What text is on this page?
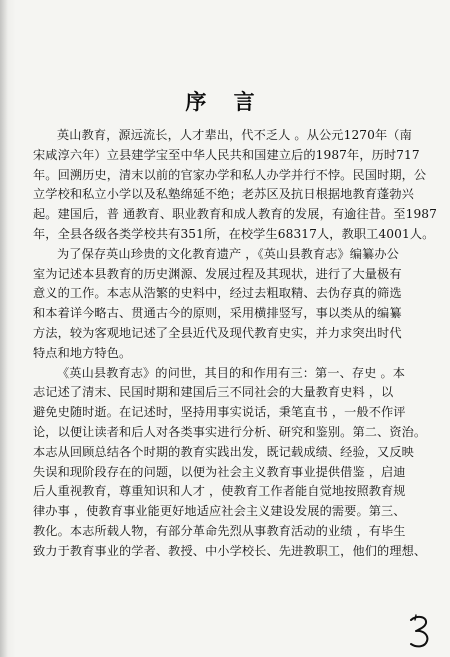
序 言

英山教育，源远流长，人才辈出，代不乏人 。从公元1270年（南
宋咸淳六年）立县建学宝至中华人民共和国建立后的1987年，历时717
年。回溯历史，清末以前的官家办学和私人办学并行不悖。民国时期，公
立学校和私立小学以及私塾绵延不绝；老苏区及抗日根据地教育蓬勃兴
起。建国后，普 通教育、职业教育和成人教育的发展，有逾往昔。至1987
年，全县各级各类学校共有351所，在校学生68317人，教职工4001人。

为了保存英山珍贵的文化教育遗产 ，《英山县教育志》编纂办公
室为记述本县教育的历史渊源、发展过程及其现状，进行了大量极有
意义的工作。本志从浩繁的史料中，经过去粗取精、去伪存真的筛选
和本着详今略古、贯通古今的原则，采用横排竖写，事以类从的编纂
方法，较为客观地记述了全县近代及现代教育史实，并力求突出时代
特点和地方特色。

《英山县教育志》的问世，其目的和作用有三：第一、存史 。本
志记述了清末、民国时期和建国后三不同社会的大量教育史料 ，以
避免史随时逝。在记述时，坚持用事实说话，秉笔直书 ，一般不作评
论，以便让读者和后人对各类事实进行分析、研究和鉴别。第二、资治。
本志从回顾总结各个时期的教育实践出发，既记载成绩、经验，又反映
失误和现阶段存在的问题，以便为社会主义教育事业提供借鉴 ，启迪
后人重视教育，尊重知识和人才 ，使教育工作者能自觉地按照教育规
律办事 ，使教育事业能更好地适应社会主义建设发展的需要。第三、
教化。本志所载人物，有部分革命先烈从事教育活动的业绩 ，有毕生
致力于教育事业的学者、教授、中小学校长、先进教职工，他们的理想、
